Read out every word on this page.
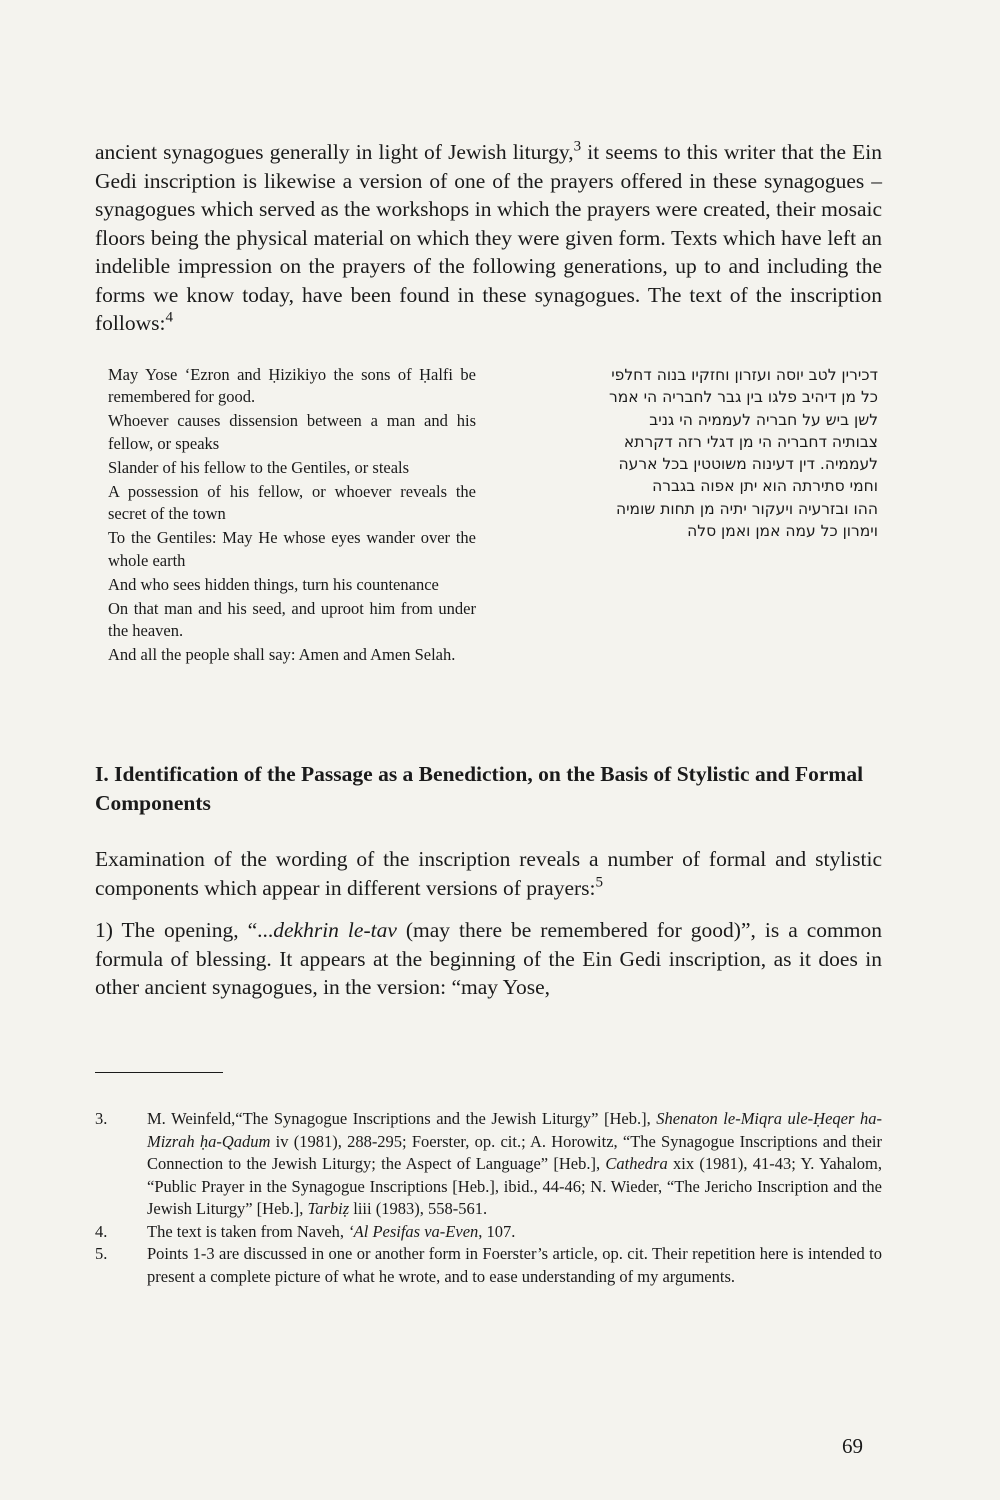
ancient synagogues generally in light of Jewish liturgy,$^3$ it seems to this writer that the Ein Gedi inscription is likewise a version of one of the prayers offered in these synagogues – synagogues which served as the workshops in which the prayers were created, their mosaic floors being the physical material on which they were given form. Texts which have left an indelible impression on the prayers of the following generations, up to and including the forms we know today, have been found in these synagogues. The text of the inscription follows:$^4$

May Yose ‘Ezron and Ḥizikiyo the sons of Ḥalfi be remembered for good.
Whoever causes dissension between a man and his fellow, or speaks
Slander of his fellow to the Gentiles, or steals
A possession of his fellow, or whoever reveals the secret of the town
To the Gentiles: May He whose eyes wander over the whole earth
And who sees hidden things, turn his countenance
On that man and his seed, and uproot him from under the heaven.
And all the people shall say: Amen and Amen Selah.
דכירין לטב יוסה ועזרון וחזקיו בנוה דחלפי
כל מן דיהיב פלגו בין גבר לחבריה הי אמר
לשן ביש על חבריה לעממיה הי גניב
צבותיה דחבריה הי מן דגלי רזה דקרתא
לעממיה. דין דעינוה משוטטין בכל ארעה
וחמי סתירתה הוא יתן אפוה בגברה
ההו ובזרעיה ויעקור יתיה מן תחות שומיה
וימרון כל עמה אמן ואמן סלה
I. Identification of the Passage as a Benediction, on the Basis of Stylistic and Formal Components

Examination of the wording of the inscription reveals a number of formal and stylistic components which appear in different versions of prayers:$^5$

1) The opening, “...dekhrin le-tav (may there be remembered for good)”, is a common formula of blessing. It appears at the beginning of the Ein Gedi inscription, as it does in other ancient synagogues, in the version: “may Yose,

3.	M. Weinfeld,“The Synagogue Inscriptions and the Jewish Liturgy” [Heb.], Shenaton le-Miqra ule-Ḥeqer ha-Mizrah ḥa-Qadum iv (1981), 288-295; Foerster, op. cit.; A. Horowitz, “The Synagogue Inscriptions and their Connection to the Jewish Liturgy; the Aspect of Language” [Heb.], Cathedra xix (1981), 41-43; Y. Yahalom, “Public Prayer in the Synagogue Inscriptions [Heb.], ibid., 44-46; N. Wieder, “The Jericho Inscription and the Jewish Liturgy” [Heb.], Tarbiẓ liii (1983), 558-561.

4.	The text is taken from Naveh, ‘Al Pesifas va-Even, 107.

5.	Points 1-3 are discussed in one or another form in Foerster’s article, op. cit. Their repetition here is intended to present a complete picture of what he wrote, and to ease understanding of my arguments.

69
